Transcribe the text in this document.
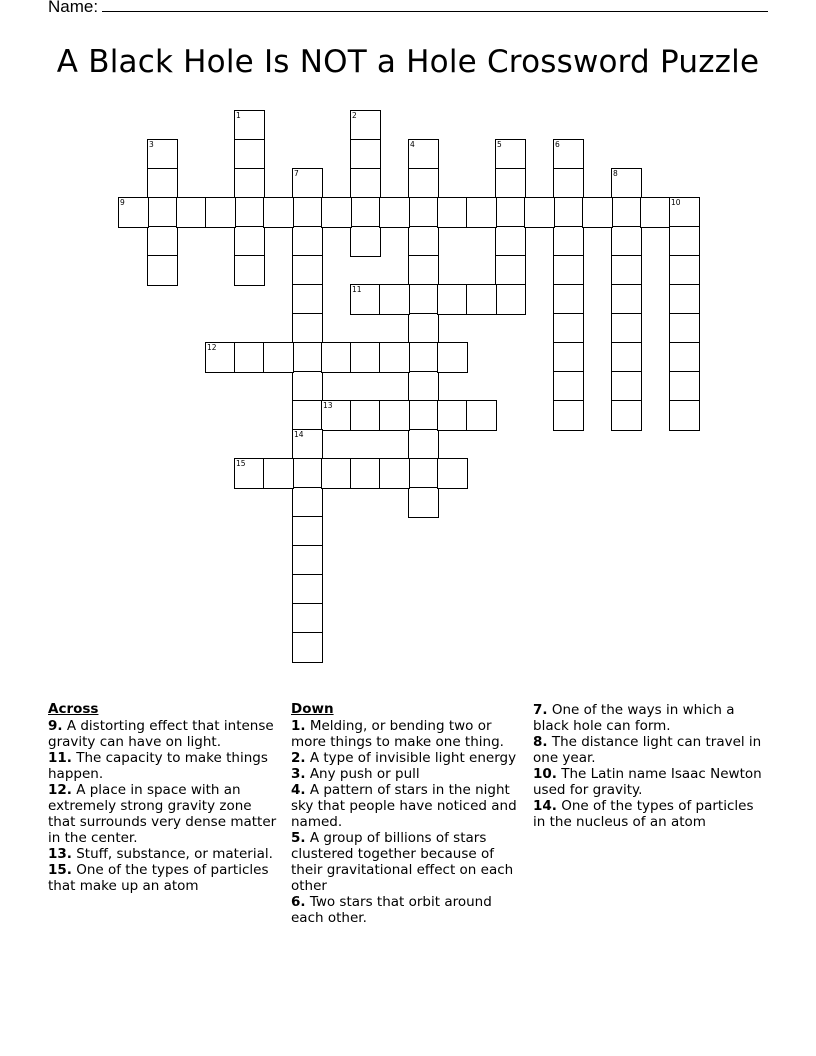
Name:
A Black Hole Is NOT a Hole Crossword Puzzle
1	2
3	4	5	6
7	8
9	10
11
12
13
14
15
Across
9. A distorting effect that intense gravity can have on light.
11. The capacity to make things happen.
12. A place in space with an extremely strong gravity zone that surrounds very dense matter in the center.
13. Stuff, substance, or material.
15. One of the types of particles that make up an atom
Down
1. Melding, or bending two or more things to make one thing.
2. A type of invisible light energy
3. Any push or pull
4. A pattern of stars in the night sky that people have noticed and named.
5. A group of billions of stars clustered together because of their gravitational effect on each other
6. Two stars that orbit around each other.
7. One of the ways in which a black hole can form.
8. The distance light can travel in one year.
10. The Latin name Isaac Newton used for gravity.
14. One of the types of particles in the nucleus of an atom
